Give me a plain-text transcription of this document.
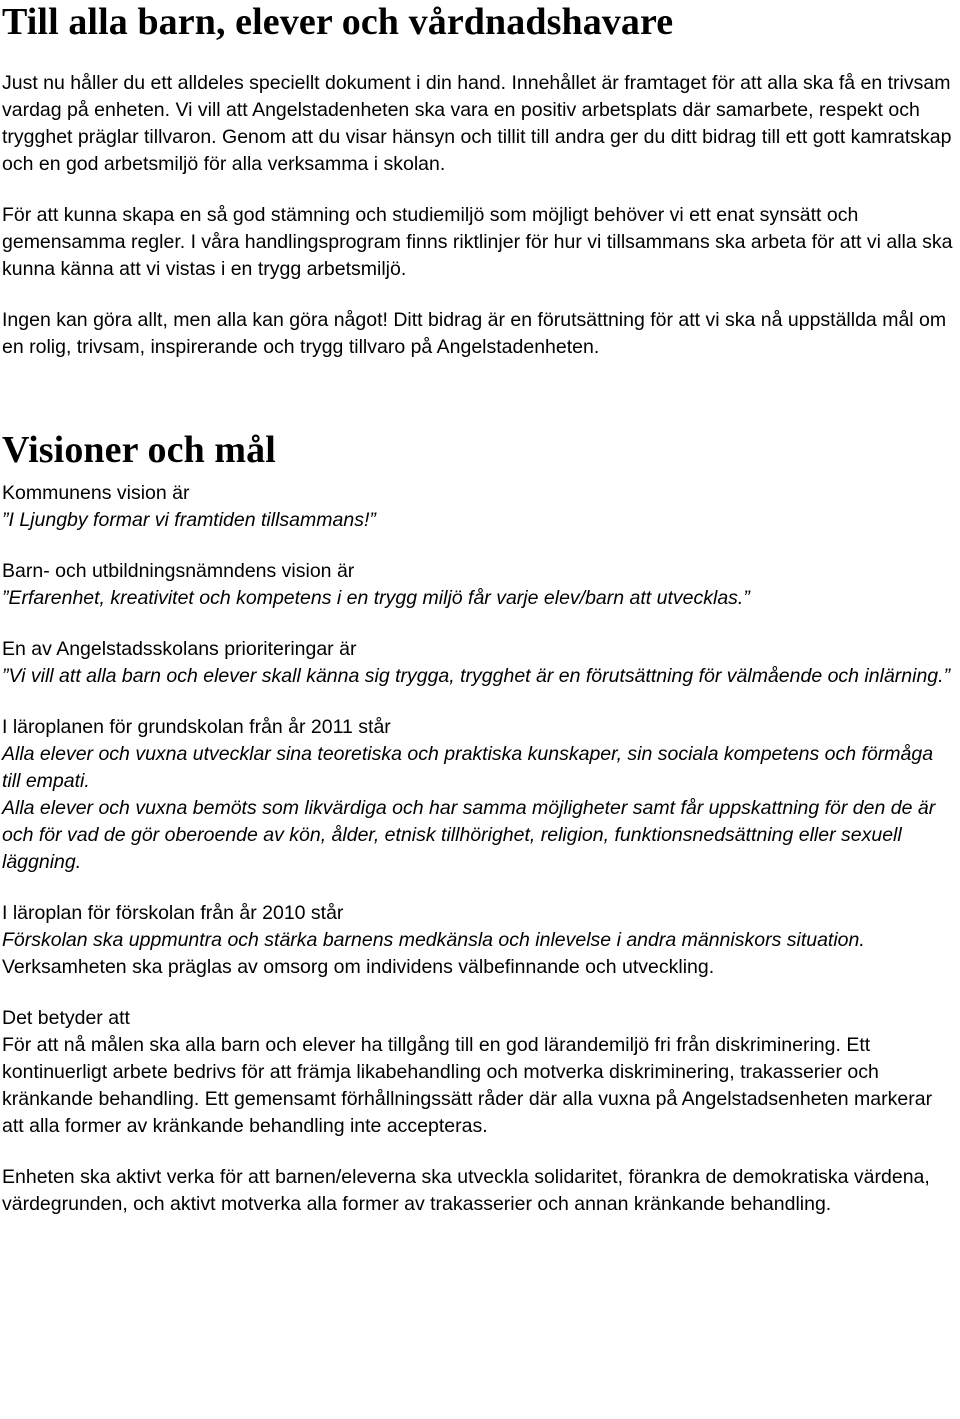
Till alla barn, elever och vårdnadshavare

Just nu håller du ett alldeles speciellt dokument i din hand. Innehållet är framtaget för att alla ska få en trivsam vardag på enheten. Vi vill att Angelstadenheten ska vara en positiv arbetsplats där samarbete, respekt och trygghet präglar tillvaron. Genom att du visar hänsyn och tillit till andra ger du ditt bidrag till ett gott kamratskap och en god arbetsmiljö för alla verksamma i skolan.

För att kunna skapa en så god stämning och studiemiljö som möjligt behöver vi ett enat synsätt och gemensamma regler. I våra handlingsprogram finns riktlinjer för hur vi tillsammans ska arbeta för att vi alla ska kunna känna att vi vistas i en trygg arbetsmiljö.

Ingen kan göra allt, men alla kan göra något! Ditt bidrag är en förutsättning för att vi ska nå uppställda mål om en rolig, trivsam, inspirerande och trygg tillvaro på Angelstadenheten.

Visioner och mål

Kommunens vision är

”I Ljungby formar vi framtiden tillsammans!”

Barn- och utbildningsnämndens vision är

”Erfarenhet, kreativitet och kompetens i en trygg miljö får varje elev/barn att utvecklas.”

En av Angelstadsskolans prioriteringar är

”Vi vill att alla barn och elever skall känna sig trygga, trygghet är en förutsättning för välmående och inlärning.”

I läroplanen för grundskolan från år 2011 står

Alla elever och vuxna utvecklar sina teoretiska och praktiska kunskaper, sin sociala kompetens och förmåga till empati.

Alla elever och vuxna bemöts som likvärdiga och har samma möjligheter samt får uppskattning för den de är och för vad de gör oberoende av kön, ålder, etnisk tillhörighet, religion, funktionsnedsättning eller sexuell läggning.

I läroplan för förskolan från år 2010 står

Förskolan ska uppmuntra och stärka barnens medkänsla och inlevelse i andra människors situation. Verksamheten ska präglas av omsorg om individens välbefinnande och utveckling.

Det betyder att

För att nå målen ska alla barn och elever ha tillgång till en god lärandemiljö fri från diskriminering. Ett kontinuerligt arbete bedrivs för att främja likabehandling och motverka diskriminering, trakasserier och kränkande behandling. Ett gemensamt förhållningssätt råder där alla vuxna på Angelstadsenheten markerar att alla former av kränkande behandling inte accepteras.

Enheten ska aktivt verka för att barnen/eleverna ska utveckla solidaritet, förankra de demokratiska värdena, värdegrunden, och aktivt motverka alla former av trakasserier och annan kränkande behandling.
